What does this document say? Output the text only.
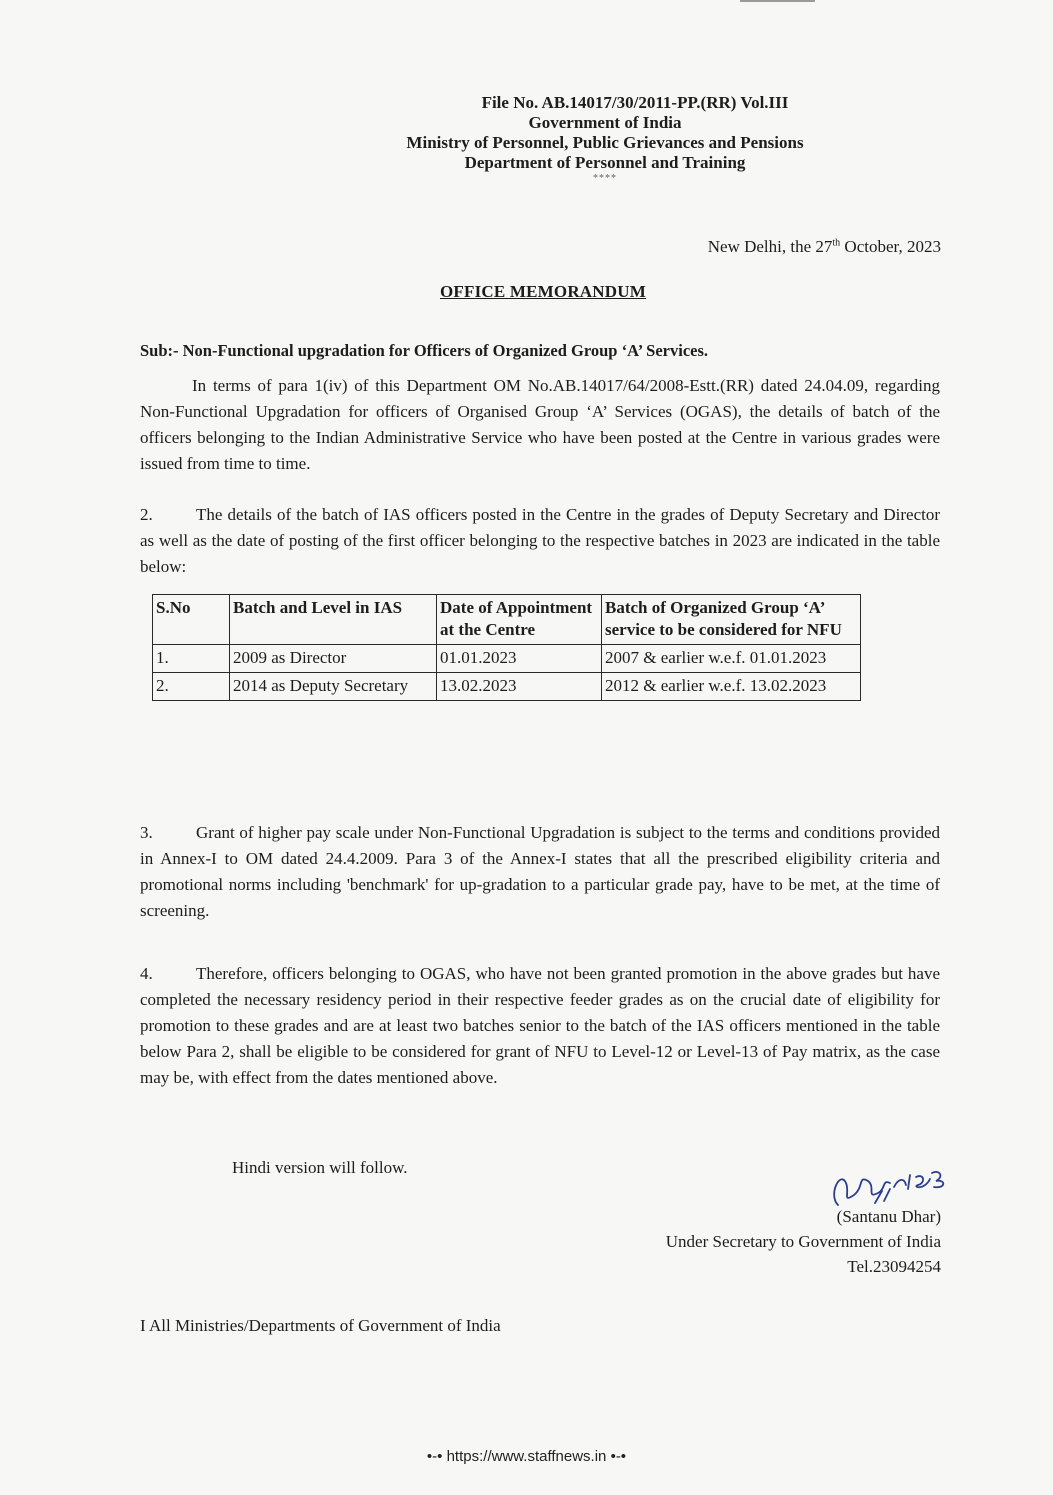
File No. AB.14017/30/2011-PP.(RR) Vol.III
Government of India
Ministry of Personnel, Public Grievances and Pensions
Department of Personnel and Training
****
New Delhi, the 27th October, 2023
OFFICE MEMORANDUM
Sub:- Non-Functional upgradation for Officers of Organized Group ‘A’ Services.
In terms of para 1(iv) of this Department OM No.AB.14017/64/2008-Estt.(RR) dated 24.04.09, regarding Non-Functional Upgradation for officers of Organised Group ‘A’ Services (OGAS), the details of batch of the officers belonging to the Indian Administrative Service who have been posted at the Centre in various grades were issued from time to time.
2.	The details of the batch of IAS officers posted in the Centre in the grades of Deputy Secretary and Director as well as the date of posting of the first officer belonging to the respective batches in 2023 are indicated in the table below:
S.No	Batch and Level in IAS	Date of Appointment at the Centre	Batch of Organized Group ‘A’ service to be considered for NFU
1.	2009 as Director	01.01.2023	2007 & earlier w.e.f. 01.01.2023
2.	2014 as Deputy Secretary	13.02.2023	2012 & earlier w.e.f. 13.02.2023
3.	Grant of higher pay scale under Non-Functional Upgradation is subject to the terms and conditions provided in Annex-I to OM dated 24.4.2009. Para 3 of the Annex-I states that all the prescribed eligibility criteria and promotional norms including 'benchmark' for up-gradation to a particular grade pay, have to be met, at the time of screening.
4.	Therefore, officers belonging to OGAS, who have not been granted promotion in the above grades but have completed the necessary residency period in their respective feeder grades as on the crucial date of eligibility for promotion to these grades and are at least two batches senior to the batch of the IAS officers mentioned in the table below Para 2, shall be eligible to be considered for grant of NFU to Level-12 or Level-13 of Pay matrix, as the case may be, with effect from the dates mentioned above.
Hindi version will follow.
(Santanu Dhar)
Under Secretary to Government of India
Tel.23094254
I All Ministries/Departments of Government of India
•-• https://www.staffnews.in •-•
